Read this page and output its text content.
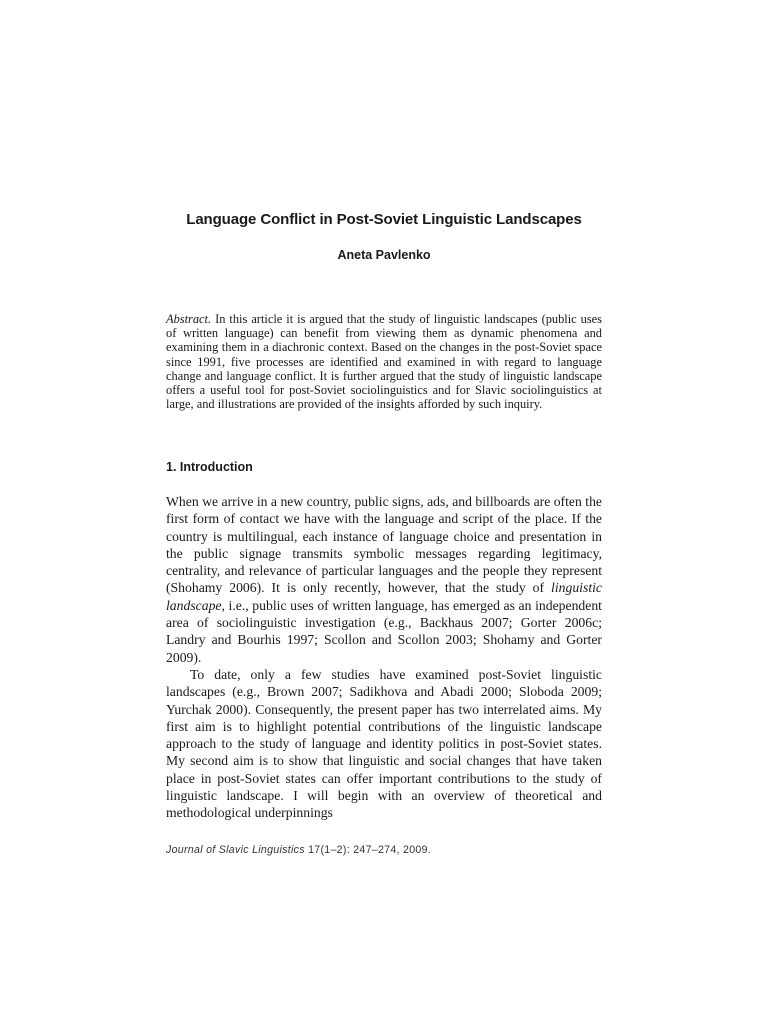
Language Conflict in Post-Soviet Linguistic Landscapes
Aneta Pavlenko
Abstract. In this article it is argued that the study of linguistic landscapes (public uses of written language) can benefit from viewing them as dynamic phenomena and examining them in a diachronic context. Based on the changes in the post-Soviet space since 1991, five processes are identified and examined in with regard to language change and language conflict. It is further argued that the study of linguistic landscape offers a useful tool for post-Soviet sociolinguistics and for Slavic sociolinguistics at large, and illustrations are provided of the insights afforded by such inquiry.
1. Introduction

When we arrive in a new country, public signs, ads, and billboards are often the first form of contact we have with the language and script of the place. If the country is multilingual, each instance of language choice and presentation in the public signage transmits symbolic messages regarding legitimacy, centrality, and relevance of particular languages and the people they represent (Shohamy 2006). It is only recently, however, that the study of linguistic landscape, i.e., public uses of written language, has emerged as an independent area of sociolinguistic investigation (e.g., Backhaus 2007; Gorter 2006c; Landry and Bourhis 1997; Scollon and Scollon 2003; Shohamy and Gorter 2009).

To date, only a few studies have examined post-Soviet linguistic landscapes (e.g., Brown 2007; Sadikhova and Abadi 2000; Sloboda 2009; Yurchak 2000). Consequently, the present paper has two interrelated aims. My first aim is to highlight potential contributions of the linguistic landscape approach to the study of language and identity politics in post-Soviet states. My second aim is to show that linguistic and social changes that have taken place in post-Soviet states can offer important contributions to the study of linguistic landscape. I will begin with an overview of theoretical and methodological underpinnings

Journal of Slavic Linguistics 17(1–2): 247–274, 2009.
